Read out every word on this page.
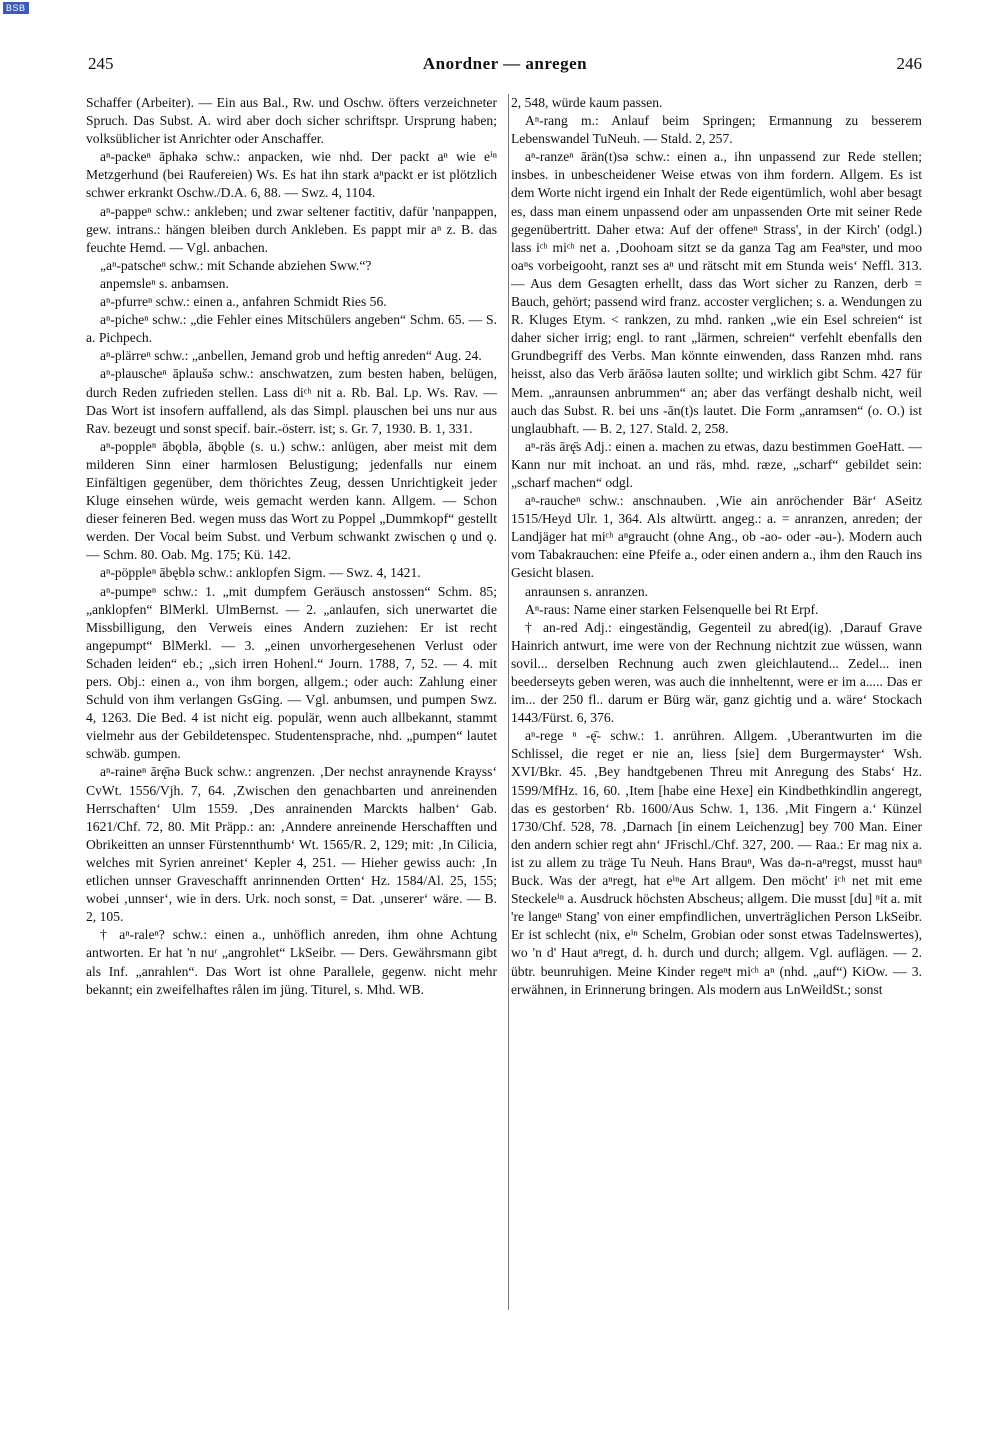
BSB
245	Anordner — anregen	246

Schaffer (Arbeiter). — Ein aus Bal., Rw. und Oschw. öfters verzeichneter Spruch. Das Subst. A. wird aber doch sicher schriftspr. Ursprung haben; volksüblicher ist Anrichter oder Anschaffer.

aⁿ-packeⁿ āphakə schw.: anpacken, wie nhd. Der packt aⁿ wie eⁱⁿ Metzgerhund (bei Raufereien) Ws. Es hat ihn stark aⁿpackt er ist plötzlich schwer erkrankt Oschw./D.A. 6, 88. — Swz. 4, 1104.

aⁿ-pappeⁿ schw.: ankleben; und zwar seltener factitiv, dafür 'nanpappen, gew. intrans.: hängen bleiben durch Ankleben. Es pappt mir aⁿ z. B. das feuchte Hemd. — Vgl. anbachen.

„aⁿ-patscheⁿ schw.: mit Schande abziehen Sww.“?

anpemsleⁿ s. anbamsen.

aⁿ-pfurreⁿ schw.: einen a., anfahren Schmidt Ries 56.

aⁿ-picheⁿ schw.: „die Fehler eines Mitschülers angeben“ Schm. 65. — S. a. Pichpech.

aⁿ-plärreⁿ schw.: „anbellen, Jemand grob und heftig anreden“ Aug. 24.

aⁿ-plauscheⁿ āplaušə schw.: anschwatzen, zum besten haben, belügen, durch Reden zufrieden stellen. Lass diᶜʰ nit a. Rb. Bal. Lp. Ws. Rav. — Das Wort ist insofern auffallend, als das Simpl. plauschen bei uns nur aus Rav. bezeugt und sonst specif. bair.-österr. ist; s. Gr. 7, 1930. B. 1, 331.

aⁿ-poppleⁿ ābǫblə, ābǫble (s. u.) schw.: anlügen, aber meist mit dem milderen Sinn einer harmlosen Belustigung; jedenfalls nur einem Einfältigen gegenüber, dem thörichtes Zeug, dessen Unrichtigkeit jeder Kluge einsehen würde, weis gemacht werden kann. Allgem. — Schon dieser feineren Bed. wegen muss das Wort zu Poppel „Dummkopf“ gestellt werden. Der Vocal beim Subst. und Verbum schwankt zwischen ǫ und ǫ. — Schm. 80. Oab. Mg. 175; Kü. 142.

aⁿ-pöppleⁿ ābęblə schw.: anklopfen Sigm. — Swz. 4, 1421.

aⁿ-pumpeⁿ schw.: 1. „mit dumpfem Geräusch anstossen“ Schm. 85; „anklopfen“ BlMerkl. UlmBernst. — 2. „anlaufen, sich unerwartet die Missbilligung, den Verweis eines Andern zuziehen: Er ist recht angepumpt“ BlMerkl. — 3. „einen unvorhergesehenen Verlust oder Schaden leiden“ eb.; „sich irren Hohenl.“ Journ. 1788, 7, 52. — 4. mit pers. Obj.: einen a., von ihm borgen, allgem.; oder auch: Zahlung einer Schuld von ihm verlangen GsGing. — Vgl. anbumsen, und pumpen Swz. 4, 1263. Die Bed. 4 ist nicht eig. populär, wenn auch allbekannt, stammt vielmehr aus der Gebildetenspec. Studentensprache, nhd. „pumpen“ lautet schwäb. gumpen.

aⁿ-raineⁿ ārę̄nə Buck schw.: angrenzen. ‚Der nechst anraynende Krayss‘ CvWt. 1556/Vjh. 7, 64. ‚Zwischen den genachbarten und anreinenden Herrschaften‘ Ulm 1559. ‚Des anrainenden Marckts halben‘ Gab. 1621/Chf. 72, 80. Mit Präpp.: an: ‚Anndere anreinende Herschafften und Obrikeitten an unnser Fürstennthumb‘ Wt. 1565/R. 2, 129; mit: ‚In Cilicia, welches mit Syrien anreinet‘ Kepler 4, 251. — Hieher gewiss auch: ‚In etlichen unnser Graveschafft anrinnenden Ortten‘ Hz. 1584/Al. 25, 155; wobei ‚unnser‘, wie in ders. Urk. noch sonst, = Dat. ‚unserer‘ wäre. — B. 2, 105.

† aⁿ-raleⁿ? schw.: einen a., unhöflich anreden, ihm ohne Achtung antworten. Er hat 'n nuʳ „angrohlet“ LkSeibr. — Ders. Gewährsmann gibt als Inf. „anrahlen“. Das Wort ist ohne Parallele, gegenw. nicht mehr bekannt; ein zweifelhaftes rålen im jüng. Titurel, s. Mhd. WB.

2, 548, würde kaum passen.

Aⁿ-rang m.: Anlauf beim Springen; Ermannung zu besserem Lebenswandel TuNeuh. — Stald. 2, 257.

aⁿ-ranzeⁿ ārän(t)sə schw.: einen a., ihn unpassend zur Rede stellen; insbes. in unbescheidener Weise etwas von ihm fordern. Allgem. Es ist dem Worte nicht irgend ein Inhalt der Rede eigentümlich, wohl aber besagt es, dass man einem unpassend oder am unpassenden Orte mit seiner Rede gegenübertritt. Daher etwa: Auf der offeneⁿ Strass', in der Kirch' (odgl.) lass iᶜʰ miᶜʰ net a. ‚Doohoam sitzt se da ganza Tag am Feaⁿster, und moo oaⁿs vorbeigooht, ranzt ses aⁿ und rätscht mit em Stunda weis‘ Neffl. 313. — Aus dem Gesagten erhellt, dass das Wort sicher zu Ranzen, derb = Bauch, gehört; passend wird franz. accoster verglichen; s. a. Wendungen zu R. Kluges Etym. < rankzen, zu mhd. ranken „wie ein Esel schreien“ ist daher sicher irrig; engl. to rant „lärmen, schreien“ verfehlt ebenfalls den Grundbegriff des Verbs. Man könnte einwenden, dass Ranzen mhd. rans heisst, also das Verb ārāōsə lauten sollte; und wirklich gibt Schm. 427 für Mem. „anraunsen anbrummen“ an; aber das verfängt deshalb nicht, weil auch das Subst. R. bei uns -ān(t)s lautet. Die Form „anramsen“ (o. O.) ist unglaubhaft. — B. 2, 127. Stald. 2, 258.

aⁿ-räs ārę̄s Adj.: einen a. machen zu etwas, dazu bestimmen GoeHatt. — Kann nur mit inchoat. an und räs, mhd. ræze, „scharf“ gebildet sein: „scharf machen“ odgl.

aⁿ-raucheⁿ schw.: anschnauben. ‚Wie ain anröchender Bär‘ ASeitz 1515/Heyd Ulr. 1, 364. Als altwürtt. angeg.: a. = anranzen, anreden; der Landjäger hat miᶜʰ aⁿgraucht (ohne Ang., ob -ao- oder -əu-). Modern auch vom Tabakrauchen: eine Pfeife a., oder einen andern a., ihm den Rauch ins Gesicht blasen.

anraunsen s. anranzen.

Aⁿ-raus: Name einer starken Felsenquelle bei Rt Erpf.

† an-red Adj.: eingeständig, Gegenteil zu abred(ig). ‚Darauf Grave Hainrich antwurt, ime were von der Rechnung nichtzit zue wüssen, wann sovil... derselben Rechnung auch zwen gleichlautend... Zedel... inen beederseyts geben weren, was auch die innheltennt, were er im a..... Das er im... der 250 fl.. darum er Bürg wär, ganz gichtig und a. wäre‘ Stockach 1443/Fürst. 6, 376.

aⁿ-rege ⁿ -ę̄- schw.: 1. anrühren. Allgem. ‚Uberantwurten im die Schlissel, die reget er nie an, liess [sie] dem Burgermayster‘ Wsh. XVI/Bkr. 45. ‚Bey handtgebenen Threu mit Anregung des Stabs‘ Hz. 1599/MfHz. 16, 60. ‚Item [habe eine Hexe] ein Kindbethkindlin angeregt, das es gestorben‘ Rb. 1600/Aus Schw. 1, 136. ‚Mit Fingern a.‘ Künzel 1730/Chf. 528, 78. ‚Darnach [in einem Leichenzug] bey 700 Man. Einer den andern schier regt ahn‘ JFrischl./Chf. 327, 200. — Raa.: Er mag nix a. ist zu allem zu träge Tu Neuh. Hans Brauⁿ, Was də-n-aⁿregst, musst hauⁿ Buck. Was der aⁿregt, hat eⁱⁿe Art allgem. Den möcht' iᶜʰ net mit eme Steckeleⁱⁿ a. Ausdruck höchsten Abscheus; allgem. Die musst [du] ⁿit a. mit 're langeⁿ Stang' von einer empfindlichen, unverträglichen Person LkSeibr. Er ist schlecht (nix, eⁱⁿ Schelm, Grobian oder sonst etwas Tadelnswertes), wo 'n d' Haut aⁿregt, d. h. durch und durch; allgem. Vgl. auflägen. — 2. übtr. beunruhigen. Meine Kinder regeⁿt miᶜʰ aⁿ (nhd. „auf“) KiOw. — 3. erwähnen, in Erinnerung bringen. Als modern aus LnWeildSt.; sonst
